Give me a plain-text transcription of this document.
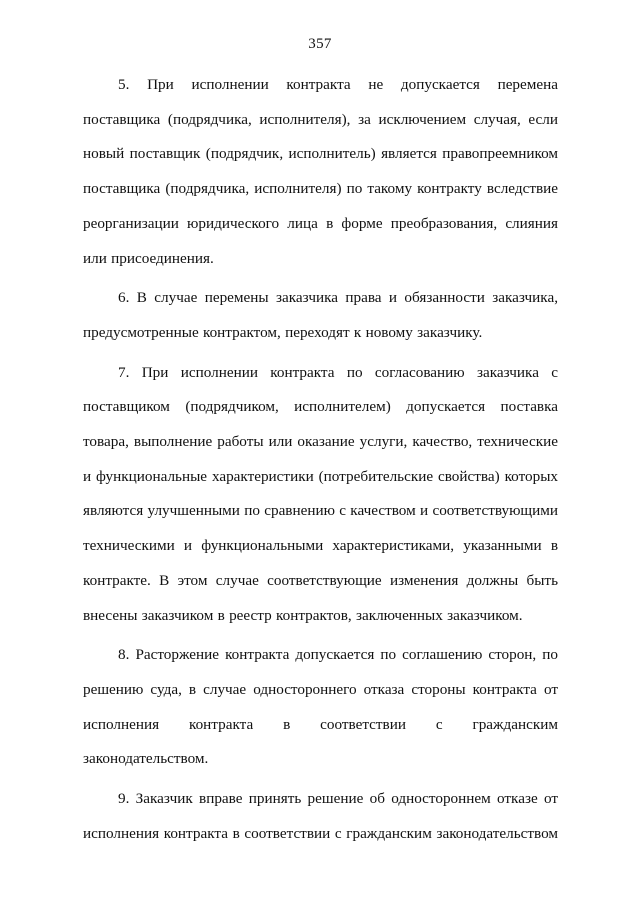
357

5. При исполнении контракта не допускается перемена поставщика (подрядчика, исполнителя), за исключением случая, если новый поставщик (подрядчик, исполнитель) является правопреемником поставщика (подрядчика, исполнителя) по такому контракту вследствие реорганизации юридического лица в форме преобразования, слияния или присоединения.

6. В случае перемены заказчика права и обязанности заказчика, предусмотренные контрактом, переходят к новому заказчику.

7. При исполнении контракта по согласованию заказчика с поставщиком (подрядчиком, исполнителем) допускается поставка товара, выполнение работы или оказание услуги, качество, технические и функциональные характеристики (потребительские свойства) которых являются улучшенными по сравнению с качеством и соответствующими техническими и функциональными характеристиками, указанными в контракте. В этом случае соответствующие изменения должны быть внесены заказчиком в реестр контрактов, заключенных заказчиком.

8. Расторжение контракта допускается по соглашению сторон, по решению суда, в случае одностороннего отказа стороны контракта от исполнения контракта в соответствии с гражданским законодательством.

9. Заказчик вправе принять решение об одностороннем отказе от исполнения контракта в соответствии с гражданским законодательством
